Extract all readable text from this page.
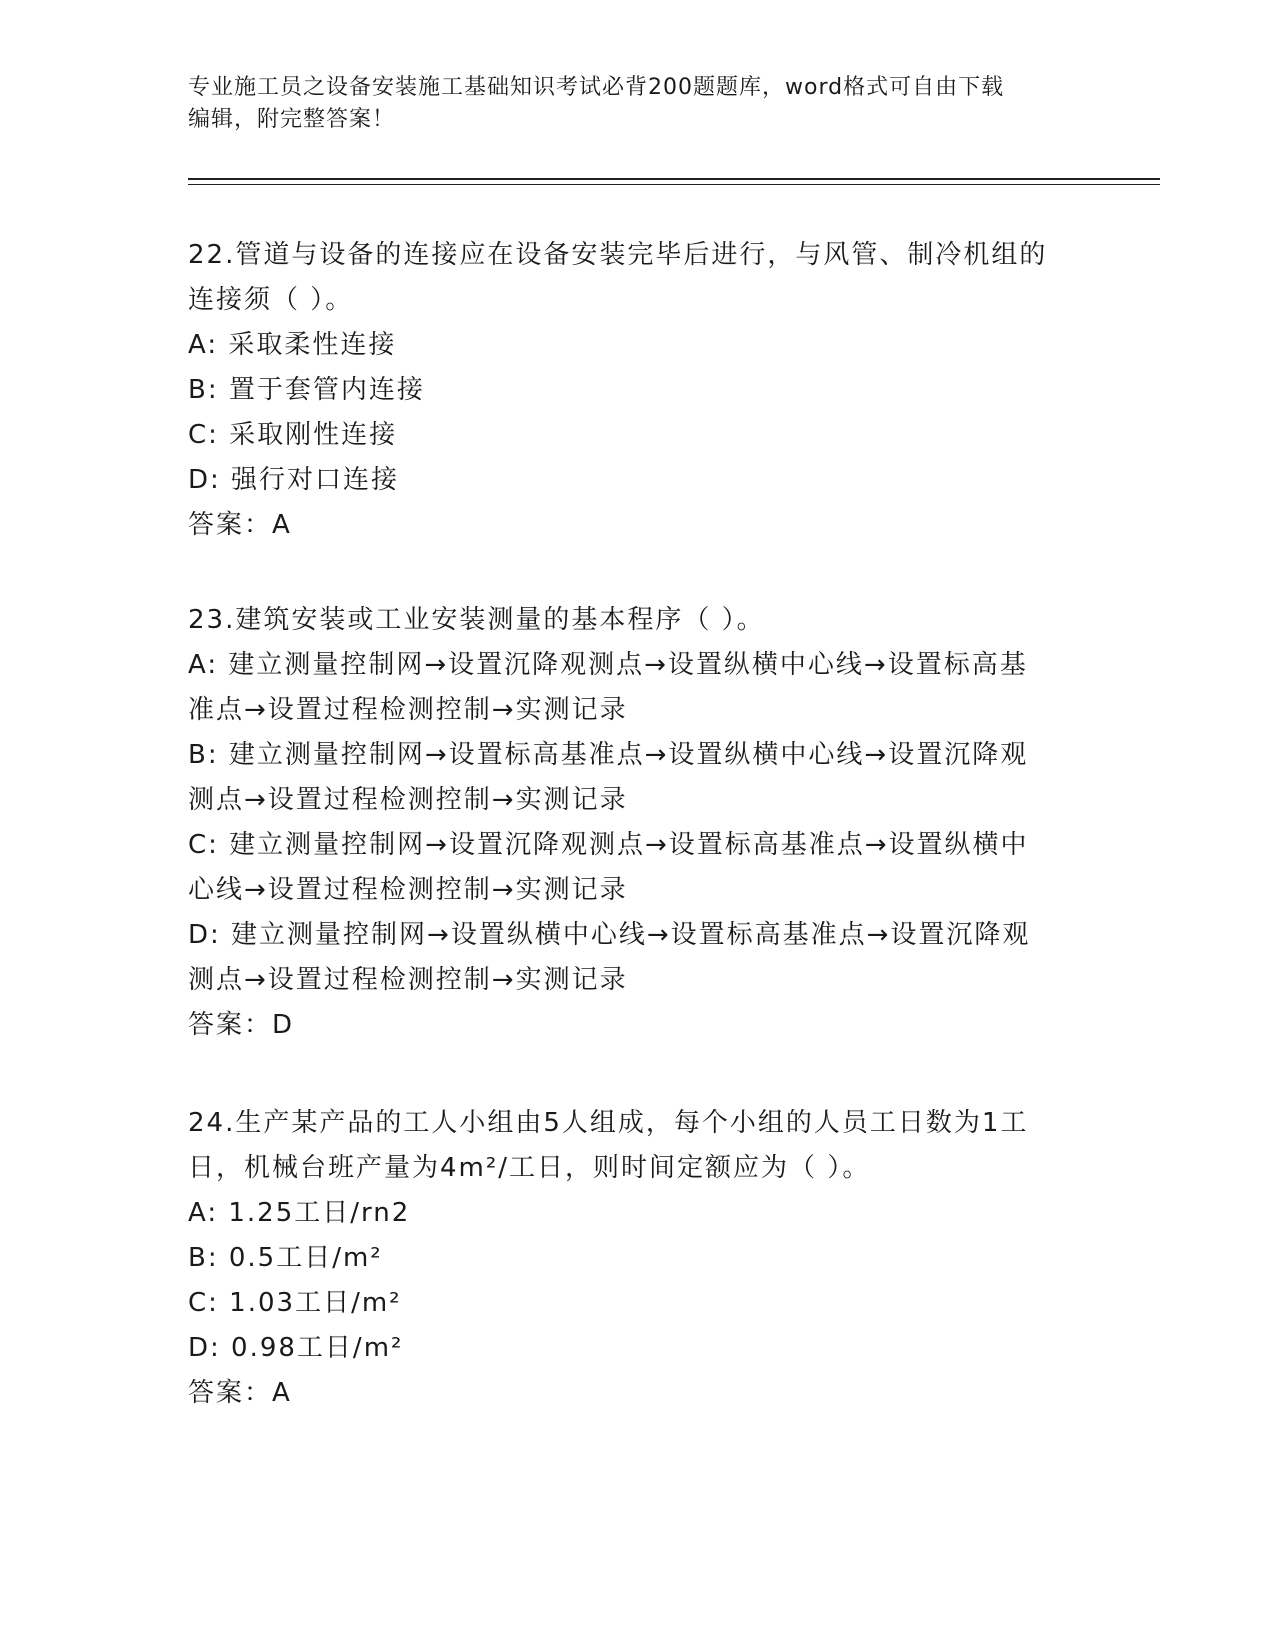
专业施工员之设备安装施工基础知识考试必背200题题库，word格式可自由下载
编辑，附完整答案！
22.管道与设备的连接应在设备安装完毕后进行，与风管、制冷机组的
连接须（ ）。
A: 采取柔性连接
B: 置于套管内连接
C: 采取刚性连接
D: 强行对口连接
答案：A
23.建筑安装或工业安装测量的基本程序（ ）。
A: 建立测量控制网→设置沉降观测点→设置纵横中心线→设置标高基
准点→设置过程检测控制→实测记录
B: 建立测量控制网→设置标高基准点→设置纵横中心线→设置沉降观
测点→设置过程检测控制→实测记录
C: 建立测量控制网→设置沉降观测点→设置标高基准点→设置纵横中
心线→设置过程检测控制→实测记录
D: 建立测量控制网→设置纵横中心线→设置标高基准点→设置沉降观
测点→设置过程检测控制→实测记录
答案：D
24.生产某产品的工人小组由5人组成，每个小组的人员工日数为1工
日，机械台班产量为4m²/工日，则时间定额应为（ ）。
A: 1.25工日/rn2
B: 0.5工日/m²
C: 1.03工日/m²
D: 0.98工日/m²
答案：A
